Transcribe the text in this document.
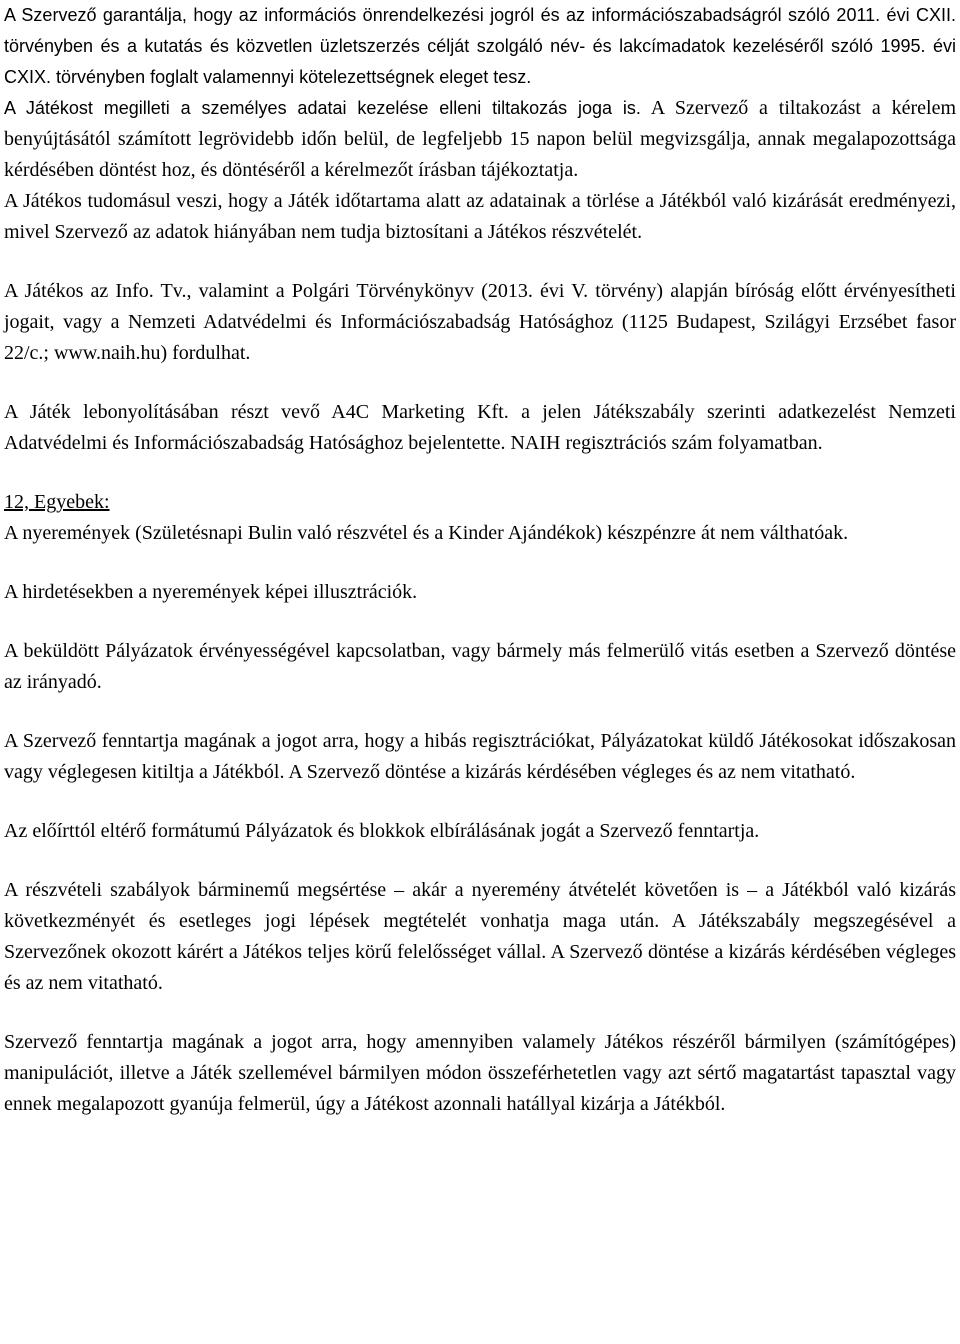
A Szervező garantálja, hogy az információs önrendelkezési jogról és az információszabadságról szóló 2011. évi CXII. törvényben és a kutatás és közvetlen üzletszerzés célját szolgáló név- és lakcímadatok kezeléséről szóló 1995. évi CXIX. törvényben foglalt valamennyi kötelezettségnek eleget tesz.

A Játékost megilleti a személyes adatai kezelése elleni tiltakozás joga is. A Szervező a tiltakozást a kérelem benyújtásától számított legrövidebb időn belül, de legfeljebb 15 napon belül megvizsgálja, annak megalapozottsága kérdésében döntést hoz, és döntéséről a kérelmezőt írásban tájékoztatja.

A Játékos tudomásul veszi, hogy a Játék időtartama alatt az adatainak a törlése a Játékból való kizárását eredményezi, mivel Szervező az adatok hiányában nem tudja biztosítani a Játékos részvételét.

A Játékos az Info. Tv., valamint a Polgári Törvénykönyv (2013. évi V. törvény) alapján bíróság előtt érvényesítheti jogait, vagy a Nemzeti Adatvédelmi és Információszabadság Hatósághoz (1125 Budapest, Szilágyi Erzsébet fasor 22/c.; www.naih.hu) fordulhat.

A Játék lebonyolításában részt vevő A4C Marketing Kft. a jelen Játékszabály szerinti adatkezelést Nemzeti Adatvédelmi és Információszabadság Hatósághoz bejelentette. NAIH regisztrációs szám folyamatban.

12, Egyebek:

A nyeremények (Születésnapi Bulin való részvétel és a Kinder Ajándékok) készpénzre át nem válthatóak.

A hirdetésekben a nyeremények képei illusztrációk.

A beküldött Pályázatok érvényességével kapcsolatban, vagy bármely más felmerülő vitás esetben a Szervező döntése az irányadó.

A Szervező fenntartja magának a jogot arra, hogy a hibás regisztrációkat, Pályázatokat küldő Játékosokat időszakosan vagy véglegesen kitiltja a Játékból. A Szervező döntése a kizárás kérdésében végleges és az nem vitatható.

Az előírttól eltérő formátumú Pályázatok és blokkok elbírálásának jogát a Szervező fenntartja.

A részvételi szabályok bárminemű megsértése – akár a nyeremény átvételét követően is – a Játékból való kizárás következményét és esetleges jogi lépések megtételét vonhatja maga után. A Játékszabály megszegésével a Szervezőnek okozott kárért a Játékos teljes körű felelősséget vállal. A Szervező döntése a kizárás kérdésében végleges és az nem vitatható.

Szervező fenntartja magának a jogot arra, hogy amennyiben valamely Játékos részéről bármilyen (számítógépes) manipulációt, illetve a Játék szellemével bármilyen módon összeférhetetlen vagy azt sértő magatartást tapasztal vagy ennek megalapozott gyanúja felmerül, úgy a Játékost azonnali hatállyal kizárja a Játékból.
